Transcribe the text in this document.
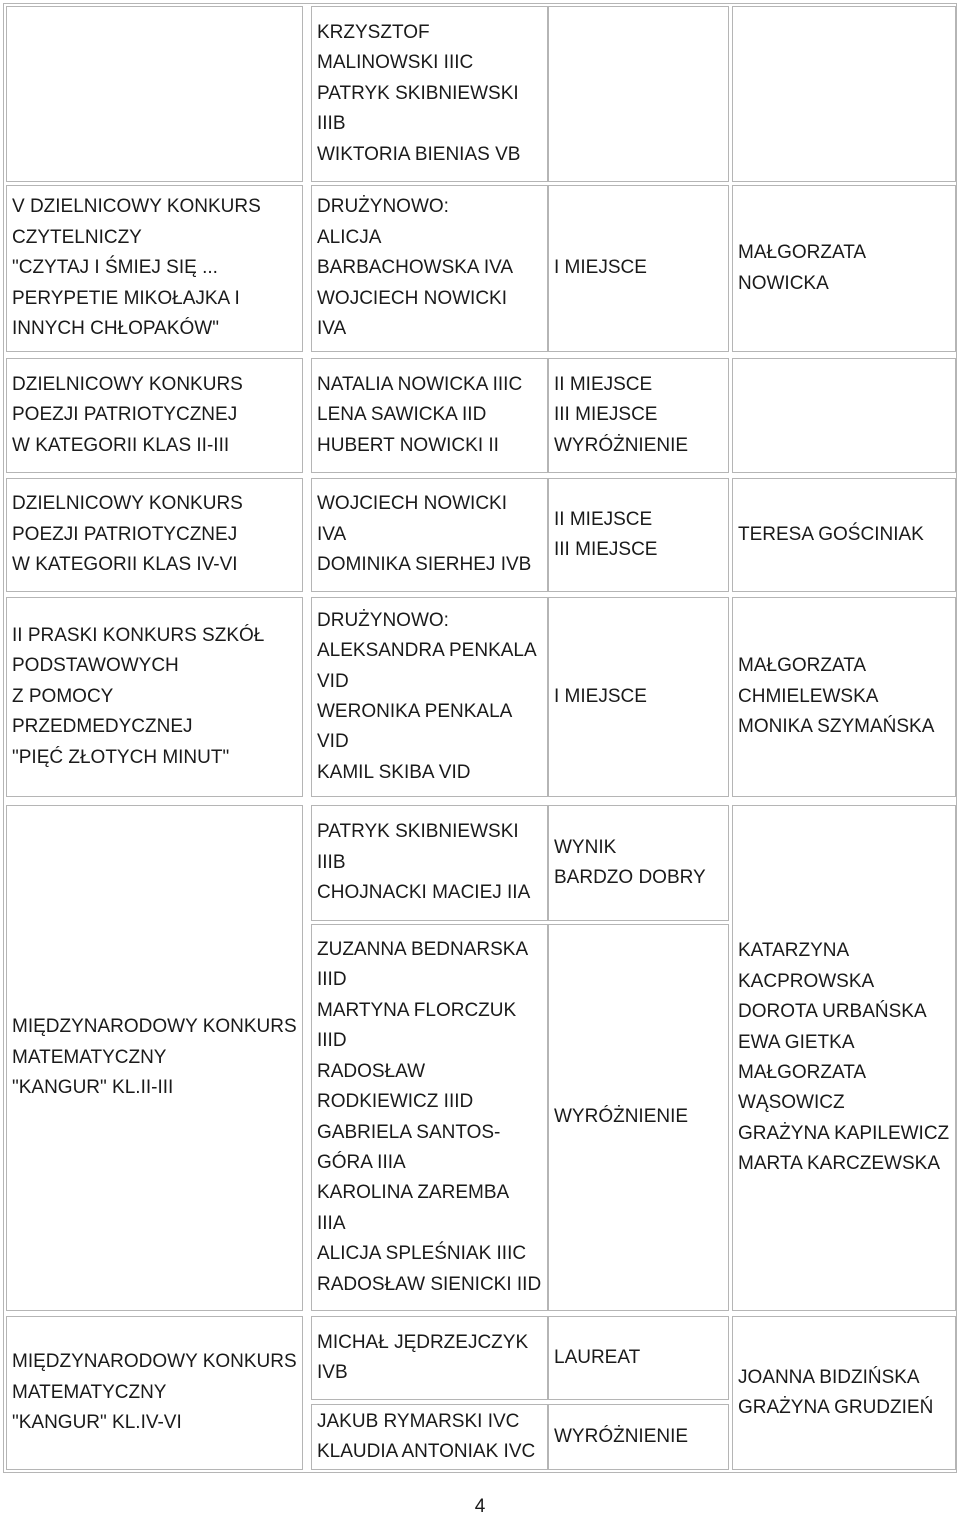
KRZYSZTOF
MALINOWSKI IIIC
PATRYK SKIBNIEWSKI
IIIB
WIKTORIA BIENIAS VB
V DZIELNICOWY KONKURS
CZYTELNICZY
"CZYTAJ I ŚMIEJ SIĘ ...
PERYPETIE MIKOŁAJKA I
INNYCH CHŁOPAKÓW"
DRUŻYNOWO:
ALICJA
BARBACHOWSKA IVA
WOJCIECH NOWICKI
IVA
I MIEJSCE
MAŁGORZATA
NOWICKA
DZIELNICOWY KONKURS
POEZJI PATRIOTYCZNEJ
W KATEGORII KLAS II-III
NATALIA NOWICKA IIIC
LENA SAWICKA IID
HUBERT NOWICKI II
II MIEJSCE
III MIEJSCE
WYRÓŻNIENIE
DZIELNICOWY KONKURS
POEZJI PATRIOTYCZNEJ
W KATEGORII KLAS IV-VI
WOJCIECH NOWICKI
IVA
DOMINIKA SIERHEJ IVB
II MIEJSCE
III MIEJSCE
TERESA GOŚCINIAK
II PRASKI KONKURS SZKÓŁ
PODSTAWOWYCH
Z POMOCY PRZEDMEDYCZNEJ
"PIĘĆ ZŁOTYCH MINUT"
DRUŻYNOWO:
ALEKSANDRA PENKALA
VID
WERONIKA PENKALA
VID
KAMIL SKIBA VID
I MIEJSCE
MAŁGORZATA
CHMIELEWSKA
MONIKA SZYMAŃSKA
MIĘDZYNARODOWY KONKURS
MATEMATYCZNY
"KANGUR" KL.II-III
PATRYK SKIBNIEWSKI
IIIB
CHOJNACKI MACIEJ IIA
WYNIK
BARDZO DOBRY
KATARZYNA
KACPROWSKA
DOROTA URBAŃSKA
EWA GIETKA
MAŁGORZATA
WĄSOWICZ
GRAŻYNA KAPILEWICZ
MARTA KARCZEWSKA
ZUZANNA BEDNARSKA
IIID
MARTYNA FLORCZUK
IIID
RADOSŁAW
RODKIEWICZ IIID
GABRIELA SANTOS-
GÓRA IIIA
KAROLINA ZAREMBA
IIIA
ALICJA SPLEŚNIAK IIIC
RADOSŁAW SIENICKI IID
WYRÓŻNIENIE
MIĘDZYNARODOWY KONKURS
MATEMATYCZNY
"KANGUR" KL.IV-VI
MICHAŁ JĘDRZEJCZYK
IVB
LAUREAT
JOANNA BIDZIŃSKA
GRAŻYNA GRUDZIEŃ
JAKUB RYMARSKI IVC
KLAUDIA ANTONIAK IVC
WYRÓŻNIENIE
4
